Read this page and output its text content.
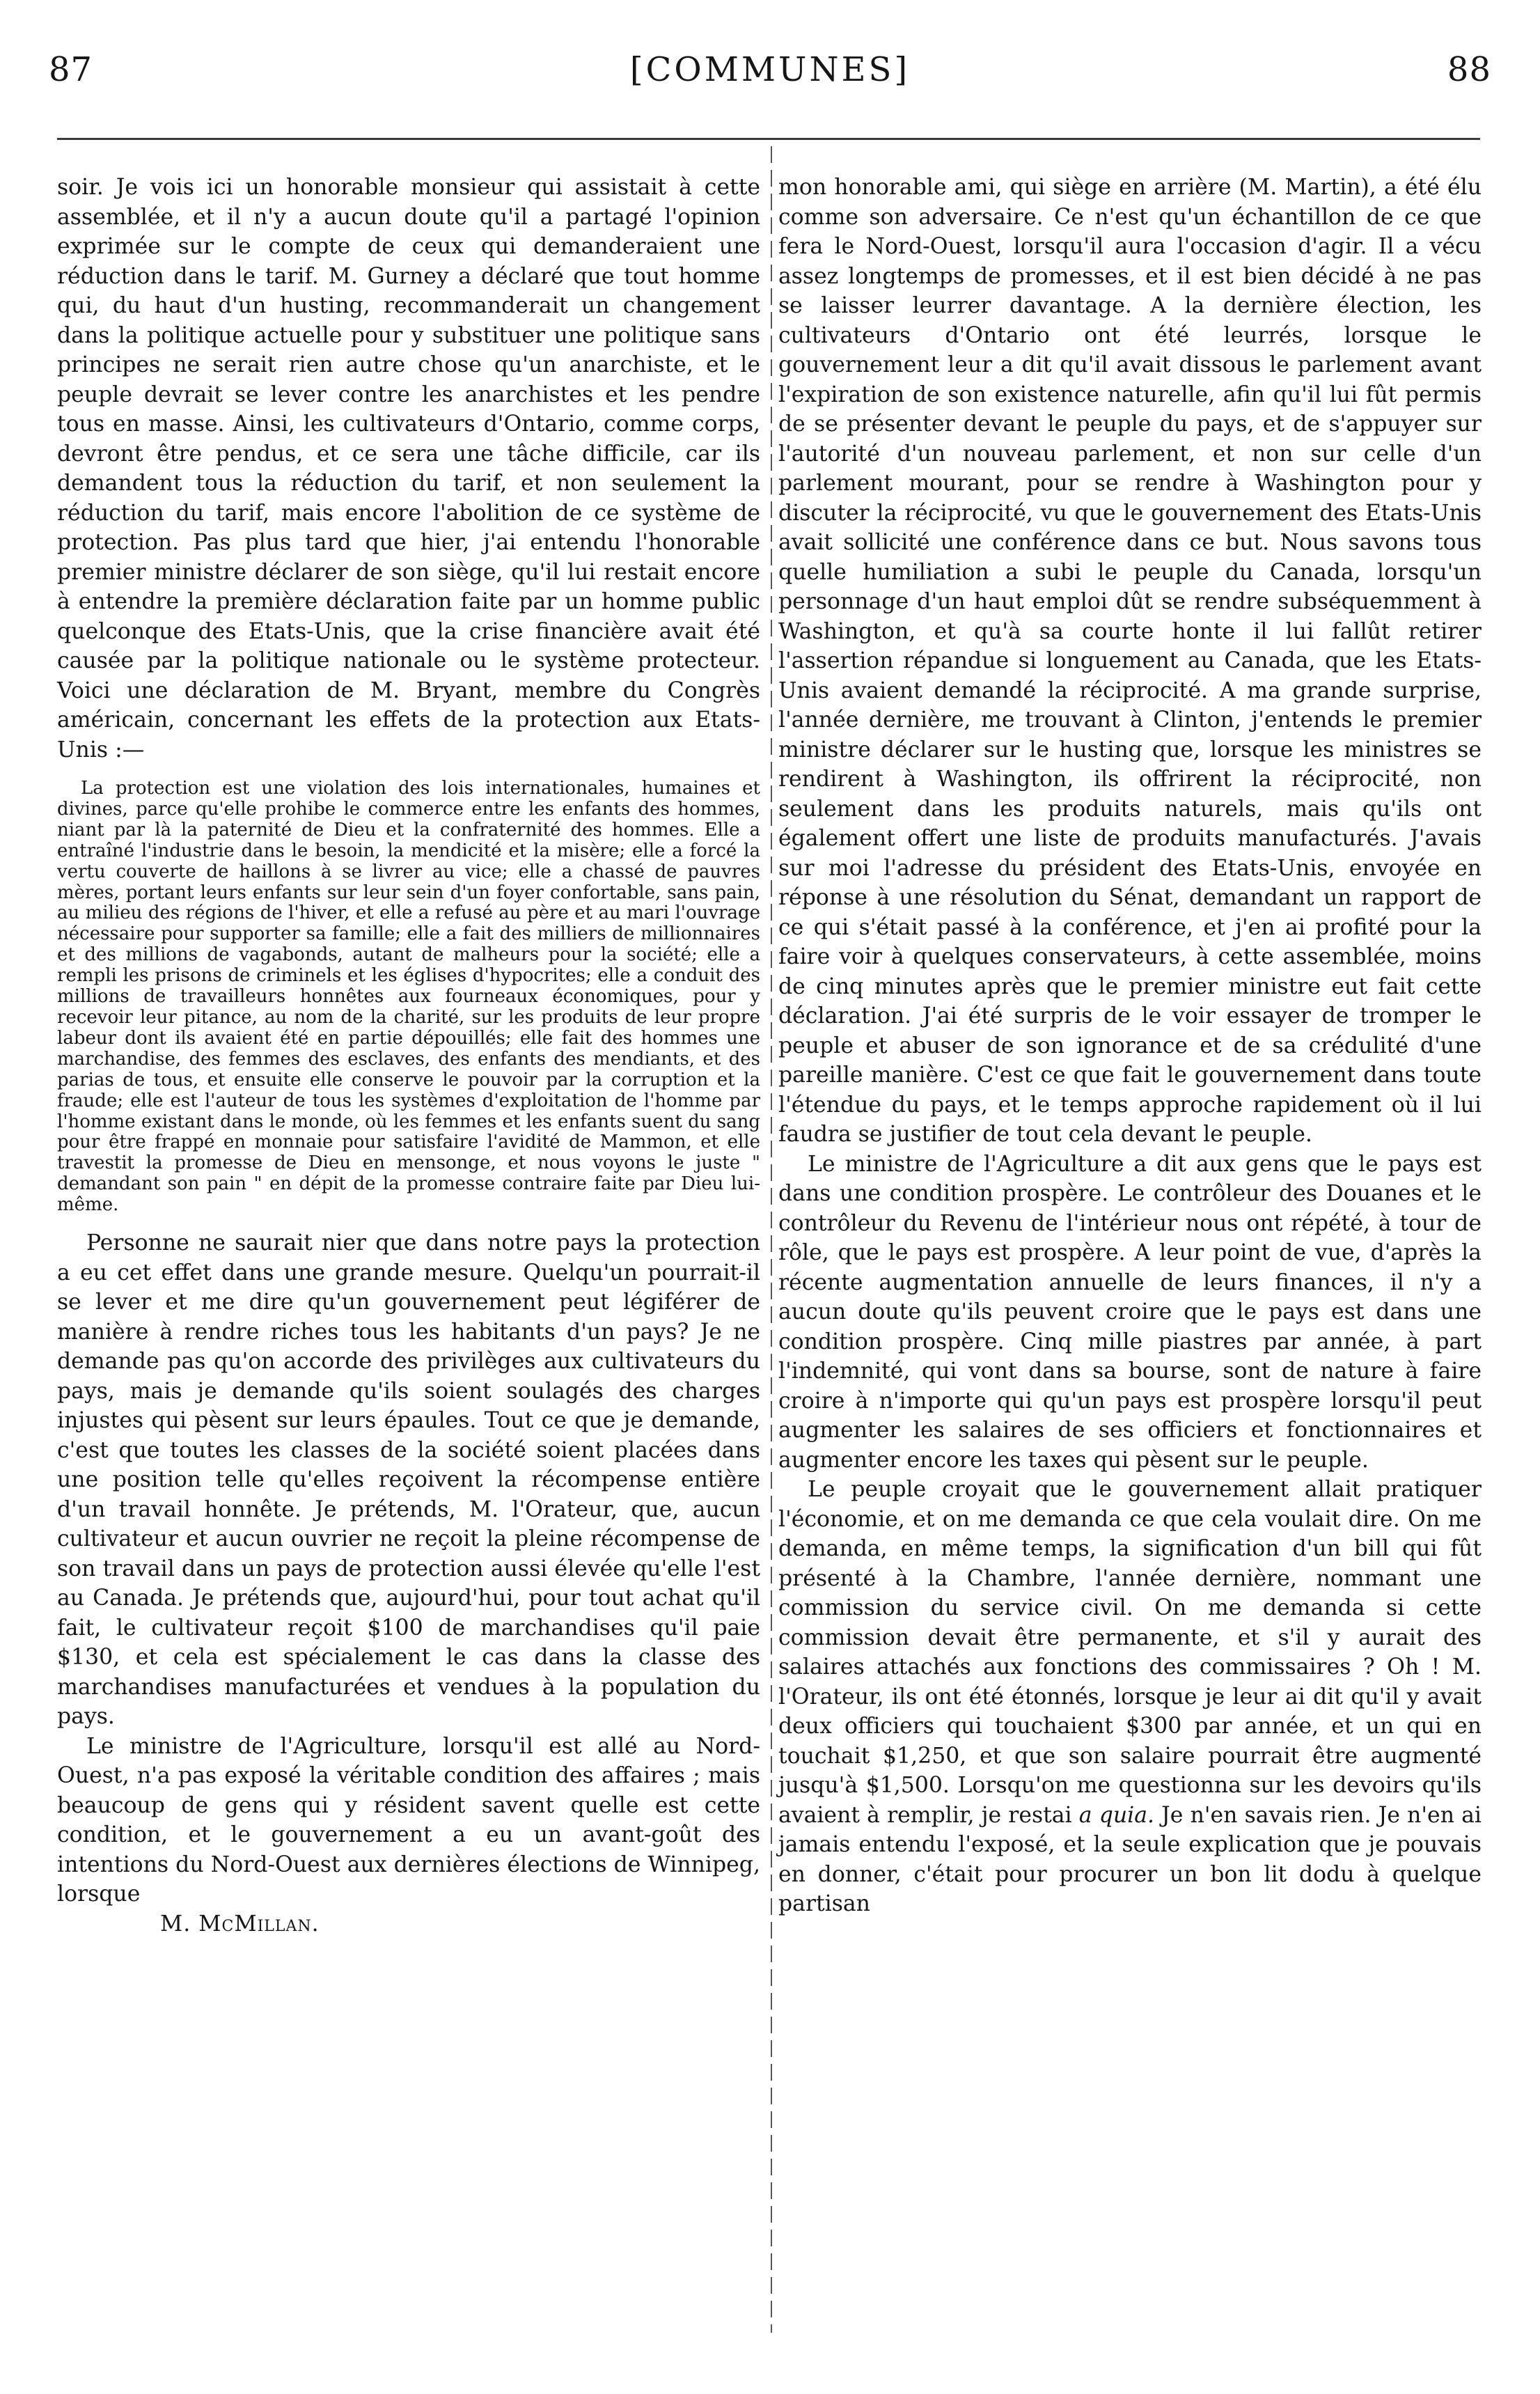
87	[COMMUNES]	88

soir. Je vois ici un honorable monsieur qui assistait à cette assemblée, et il n'y a aucun doute qu'il a partagé l'opinion exprimée sur le compte de ceux qui demanderaient une réduction dans le tarif. M. Gurney a déclaré que tout homme qui, du haut d'un husting, recommanderait un changement dans la politique actuelle pour y substituer une politique sans principes ne serait rien autre chose qu'un anarchiste, et le peuple devrait se lever contre les anarchistes et les pendre tous en masse. Ainsi, les cultivateurs d'Ontario, comme corps, devront être pendus, et ce sera une tâche difficile, car ils demandent tous la réduction du tarif, et non seulement la réduction du tarif, mais encore l'abolition de ce système de protection. Pas plus tard que hier, j'ai entendu l'honorable premier ministre déclarer de son siège, qu'il lui restait encore à entendre la première déclaration faite par un homme public quelconque des Etats-Unis, que la crise financière avait été causée par la politique nationale ou le système protecteur. Voici une déclaration de M. Bryant, membre du Congrès américain, concernant les effets de la protection aux Etats-Unis :—

La protection est une violation des lois internationales, humaines et divines, parce qu'elle prohibe le commerce entre les enfants des hommes, niant par là la paternité de Dieu et la confraternité des hommes. Elle a entraîné l'industrie dans le besoin, la mendicité et la misère; elle a forcé la vertu couverte de haillons à se livrer au vice; elle a chassé de pauvres mères, portant leurs enfants sur leur sein d'un foyer confortable, sans pain, au milieu des régions de l'hiver, et elle a refusé au père et au mari l'ouvrage nécessaire pour supporter sa famille; elle a fait des milliers de millionnaires et des millions de vagabonds, autant de malheurs pour la société; elle a rempli les prisons de criminels et les églises d'hypocrites; elle a conduit des millions de travailleurs honnêtes aux fourneaux économiques, pour y recevoir leur pitance, au nom de la charité, sur les produits de leur propre labeur dont ils avaient été en partie dépouillés; elle fait des hommes une marchandise, des femmes des esclaves, des enfants des mendiants, et des parias de tous, et ensuite elle conserve le pouvoir par la corruption et la fraude; elle est l'auteur de tous les systèmes d'exploitation de l'homme par l'homme existant dans le monde, où les femmes et les enfants suent du sang pour être frappé en monnaie pour satisfaire l'avidité de Mammon, et elle travestit la promesse de Dieu en mensonge, et nous voyons le juste " demandant son pain " en dépit de la promesse contraire faite par Dieu lui-même.

Personne ne saurait nier que dans notre pays la protection a eu cet effet dans une grande mesure. Quelqu'un pourrait-il se lever et me dire qu'un gouvernement peut légiférer de manière à rendre riches tous les habitants d'un pays? Je ne demande pas qu'on accorde des privilèges aux cultivateurs du pays, mais je demande qu'ils soient soulagés des charges injustes qui pèsent sur leurs épaules. Tout ce que je demande, c'est que toutes les classes de la société soient placées dans une position telle qu'elles reçoivent la récompense entière d'un travail honnête. Je prétends, M. l'Orateur, que, aucun cultivateur et aucun ouvrier ne reçoit la pleine récompense de son travail dans un pays de protection aussi élevée qu'elle l'est au Canada. Je prétends que, aujourd'hui, pour tout achat qu'il fait, le cultivateur reçoit $100 de marchandises qu'il paie $130, et cela est spécialement le cas dans la classe des marchandises manufacturées et vendues à la population du pays.

Le ministre de l'Agriculture, lorsqu'il est allé au Nord-Ouest, n'a pas exposé la véritable condition des affaires ; mais beaucoup de gens qui y résident savent quelle est cette condition, et le gouvernement a eu un avant-goût des intentions du Nord-Ouest aux dernières élections de Winnipeg, lorsque

M. McMillan.

mon honorable ami, qui siège en arrière (M. Martin), a été élu comme son adversaire. Ce n'est qu'un échantillon de ce que fera le Nord-Ouest, lorsqu'il aura l'occasion d'agir. Il a vécu assez longtemps de promesses, et il est bien décidé à ne pas se laisser leurrer davantage. A la dernière élection, les cultivateurs d'Ontario ont été leurrés, lorsque le gouvernement leur a dit qu'il avait dissous le parlement avant l'expiration de son existence naturelle, afin qu'il lui fût permis de se présenter devant le peuple du pays, et de s'appuyer sur l'autorité d'un nouveau parlement, et non sur celle d'un parlement mourant, pour se rendre à Washington pour y discuter la réciprocité, vu que le gouvernement des Etats-Unis avait sollicité une conférence dans ce but. Nous savons tous quelle humiliation a subi le peuple du Canada, lorsqu'un personnage d'un haut emploi dût se rendre subséquemment à Washington, et qu'à sa courte honte il lui fallût retirer l'assertion répandue si longuement au Canada, que les Etats-Unis avaient demandé la réciprocité. A ma grande surprise, l'année dernière, me trouvant à Clinton, j'entends le premier ministre déclarer sur le husting que, lorsque les ministres se rendirent à Washington, ils offrirent la réciprocité, non seulement dans les produits naturels, mais qu'ils ont également offert une liste de produits manufacturés. J'avais sur moi l'adresse du président des Etats-Unis, envoyée en réponse à une résolution du Sénat, demandant un rapport de ce qui s'était passé à la conférence, et j'en ai profité pour la faire voir à quelques conservateurs, à cette assemblée, moins de cinq minutes après que le premier ministre eut fait cette déclaration. J'ai été surpris de le voir essayer de tromper le peuple et abuser de son ignorance et de sa crédulité d'une pareille manière. C'est ce que fait le gouvernement dans toute l'étendue du pays, et le temps approche rapidement où il lui faudra se justifier de tout cela devant le peuple.

Le ministre de l'Agriculture a dit aux gens que le pays est dans une condition prospère. Le contrôleur des Douanes et le contrôleur du Revenu de l'intérieur nous ont répété, à tour de rôle, que le pays est prospère. A leur point de vue, d'après la récente augmentation annuelle de leurs finances, il n'y a aucun doute qu'ils peuvent croire que le pays est dans une condition prospère. Cinq mille piastres par année, à part l'indemnité, qui vont dans sa bourse, sont de nature à faire croire à n'importe qui qu'un pays est prospère lorsqu'il peut augmenter les salaires de ses officiers et fonctionnaires et augmenter encore les taxes qui pèsent sur le peuple.

Le peuple croyait que le gouvernement allait pratiquer l'économie, et on me demanda ce que cela voulait dire. On me demanda, en même temps, la signification d'un bill qui fût présenté à la Chambre, l'année dernière, nommant une commission du service civil. On me demanda si cette commission devait être permanente, et s'il y aurait des salaires attachés aux fonctions des commissaires ? Oh ! M. l'Orateur, ils ont été étonnés, lorsque je leur ai dit qu'il y avait deux officiers qui touchaient $300 par année, et un qui en touchait $1,250, et que son salaire pourrait être augmenté jusqu'à $1,500. Lorsqu'on me questionna sur les devoirs qu'ils avaient à remplir, je restai a quia. Je n'en savais rien. Je n'en ai jamais entendu l'exposé, et la seule explication que je pouvais en donner, c'était pour procurer un bon lit dodu à quelque partisan
